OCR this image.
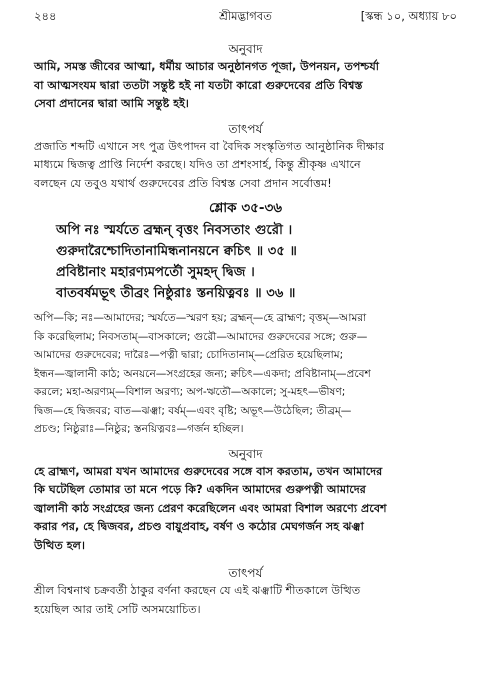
২৪৪	শ্রীমদ্ভাগবত	[স্কন্ধ ১০, অধ্যায় ৮০

অনুবাদ

আমি, সমস্ত জীবের আত্মা, ধর্মীয় আচার অনুষ্ঠানগত পূজা, উপনয়ন, তপশ্চর্যা
বা আত্মসংযম দ্বারা ততটা সন্তুষ্ট হই না যতটা কারো গুরুদেবের প্রতি বিশ্বস্ত
সেবা প্রদানের দ্বারা আমি সন্তুষ্ট হই।

তাৎপর্য

প্রজাতি শব্দটি এখানে সৎ পুত্র উৎপাদন বা বৈদিক সংস্কৃতিগত আনুষ্ঠানিক দীক্ষার
মাধ্যমে দ্বিজত্ব প্রাপ্তি নির্দেশ করছে। যদিও তা প্রশংসার্হ, কিন্তু শ্রীকৃষ্ণ এখানে
বলছেন যে তবুও যথার্থ গুরুদেবের প্রতি বিশ্বস্ত সেবা প্রদান সর্বোত্তম!

শ্লোক ৩৫-৩৬

অপি নঃ স্মর্যতে ব্রহ্মন্ বৃত্তং নিবসতাং গুরৌ ।

গুরুদারৈশ্চোদিতানামিন্ধনানয়নে ক্বচিৎ ॥ ৩৫ ॥

প্রবিষ্টানাং মহারণ্যমপর্তৌ সুমহদ্ দ্বিজ ।

বাতবর্ষমভূৎ তীব্রং নিষ্ঠুরাঃ স্তনয়িত্নবঃ ॥ ৩৬ ॥

অপি—কি; নঃ—আমাদের; স্মর্যতে—স্মরণ হয়; ব্রহ্মন্—হে ব্রাহ্মণ; বৃত্তম্—আমরা
কি করেছিলাম; নিবসতাম্—বাসকালে; গুরৌ—আমাদের গুরুদেবের সঙ্গে; গুরু—
আমাদের গুরুদেবের; দারৈঃ—পত্নী দ্বারা; চোদিতানাম্—প্রেরিত হয়েছিলাম;
ইন্ধন—জ্বালানী কাঠ; অনয়নে—সংগ্রহের জন্য; ক্বচিৎ—একদা; প্রবিষ্টানাম্—প্রবেশ
করলে; মহা-অরণ্যম্—বিশাল অরণ্য; অপ-ঋতৌ—অকালে; সু-মহৎ—ভীষণ;
দ্বিজ—হে দ্বিজবর; বাত—ঝঞ্ঝা; বর্ষম্—এবং বৃষ্টি; অভূৎ—উঠেছিল; তীব্রম্—
প্রচণ্ড; নিষ্ঠুরাঃ—নিষ্ঠুর; স্তনয়িত্নবঃ—গর্জন হচ্ছিল।

অনুবাদ

হে ব্রাহ্মণ, আমরা যখন আমাদের গুরুদেবের সঙ্গে বাস করতাম, তখন আমাদের
কি ঘটেছিল তোমার তা মনে পড়ে কি? একদিন আমাদের গুরুপত্নী আমাদের
জ্বালানী কাঠ সংগ্রহের জন্য প্রেরণ করেছিলেন এবং আমরা বিশাল অরণ্যে প্রবেশ
করার পর, হে দ্বিজবর, প্রচণ্ড বায়ুপ্রবাহ, বর্ষণ ও কঠোর মেঘগর্জন সহ ঝঞ্ঝা
উত্থিত হল।

তাৎপর্য

শ্রীল বিশ্বনাথ চক্রবর্তী ঠাকুর বর্ণনা করছেন যে এই ঝঞ্ঝাটি শীতকালে উত্থিত
হয়েছিল আর তাই সেটি অসময়োচিত।
